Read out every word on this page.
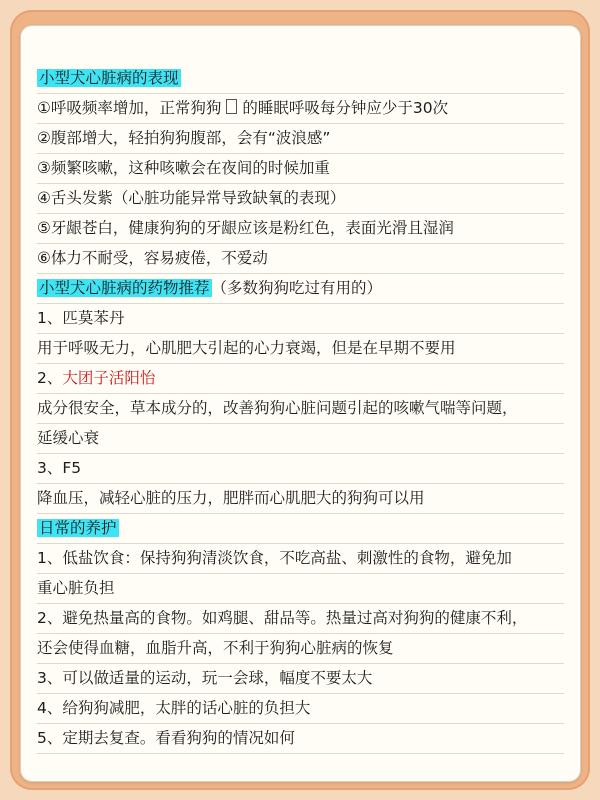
小型犬心脏病的表现
①呼吸频率增加，正常狗狗 的睡眠呼吸每分钟应少于30次
②腹部增大，轻拍狗狗腹部，会有“波浪感”
③频繁咳嗽，这种咳嗽会在夜间的时候加重
④舌头发紫（心脏功能异常导致缺氧的表现）
⑤牙龈苍白，健康狗狗的牙龈应该是粉红色，表面光滑且湿润
⑥体力不耐受，容易疲倦，不爱动
小型犬心脏病的药物推荐 （多数狗狗吃过有用的）
1、匹莫苯丹
用于呼吸无力，心肌肥大引起的心力衰竭，但是在早期不要用
2、大团子活阳怡
成分很安全，草本成分的，改善狗狗心脏问题引起的咳嗽气喘等问题，
延缓心衰
3、F5
降血压，减轻心脏的压力，肥胖而心肌肥大的狗狗可以用
日常的养护
1、低盐饮食：保持狗狗清淡饮食，不吃高盐、刺激性的食物，避免加
重心脏负担
2、避免热量高的食物。如鸡腿、甜品等。热量过高对狗狗的健康不利，
还会使得血糖，血脂升高，不利于狗狗心脏病的恢复
3、可以做适量的运动，玩一会球，幅度不要太大
4、给狗狗减肥，太胖的话心脏的负担大
5、定期去复查。看看狗狗的情况如何
